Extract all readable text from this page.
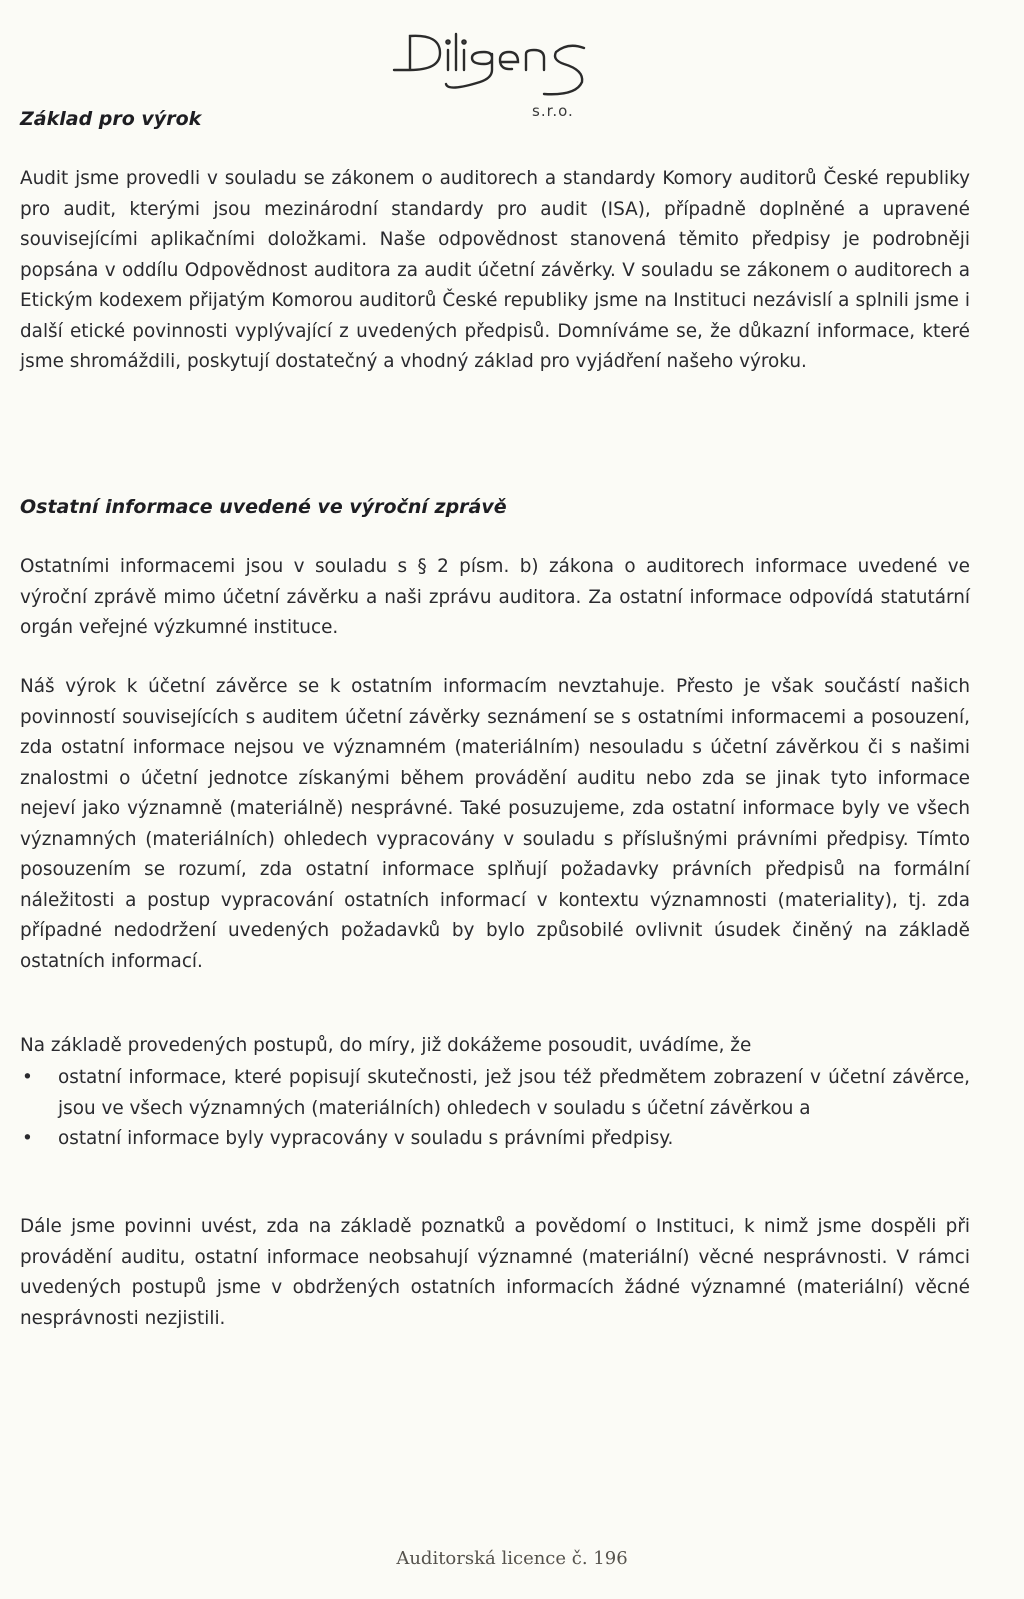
s.r.o.
Základ pro výrok

Audit jsme provedli v souladu se zákonem o auditorech a standardy Komory auditorů České republiky pro audit, kterými jsou mezinárodní standardy pro audit (ISA), případně doplněné a upravené souvisejícími aplikačními doložkami. Naše odpovědnost stanovená těmito předpisy je podrobněji popsána v oddílu Odpovědnost auditora za audit účetní závěrky. V souladu se zákonem o auditorech a Etickým kodexem přijatým Komorou auditorů České republiky jsme na Instituci nezávislí a splnili jsme i další etické povinnosti vyplývající z uvedených předpisů. Domníváme se, že důkazní informace, které jsme shromáždili, poskytují dostatečný a vhodný základ pro vyjádření našeho výroku.

Ostatní informace uvedené ve výroční zprávě

Ostatními informacemi jsou v souladu s § 2 písm. b) zákona o auditorech informace uvedené ve výroční zprávě mimo účetní závěrku a naši zprávu auditora. Za ostatní informace odpovídá statutární orgán veřejné výzkumné instituce.

Náš výrok k účetní závěrce se k ostatním informacím nevztahuje. Přesto je však součástí našich povinností souvisejících s auditem účetní závěrky seznámení se s ostatními informacemi a posouzení, zda ostatní informace nejsou ve významném (materiálním) nesouladu s účetní závěrkou či s našimi znalostmi o účetní jednotce získanými během provádění auditu nebo zda se jinak tyto informace nejeví jako významně (materiálně) nesprávné. Také posuzujeme, zda ostatní informace byly ve všech významných (materiálních) ohledech vypracovány v souladu s příslušnými právními předpisy. Tímto posouzením se rozumí, zda ostatní informace splňují požadavky právních předpisů na formální náležitosti a postup vypracování ostatních informací v kontextu významnosti (materiality), tj. zda případné nedodržení uvedených požadavků by bylo způsobilé ovlivnit úsudek činěný na základě ostatních informací.

Na základě provedených postupů, do míry, již dokážeme posoudit, uvádíme, že

• ostatní informace, které popisují skutečnosti, jež jsou též předmětem zobrazení v účetní závěrce, jsou ve všech významných (materiálních) ohledech v souladu s účetní závěrkou a
• ostatní informace byly vypracovány v souladu s právními předpisy.

Dále jsme povinni uvést, zda na základě poznatků a povědomí o Instituci, k nimž jsme dospěli při provádění auditu, ostatní informace neobsahují významné (materiální) věcné nesprávnosti. V rámci uvedených postupů jsme v obdržených ostatních informacích žádné významné (materiální) věcné nesprávnosti nezjistili.

Auditorská licence č. 196
